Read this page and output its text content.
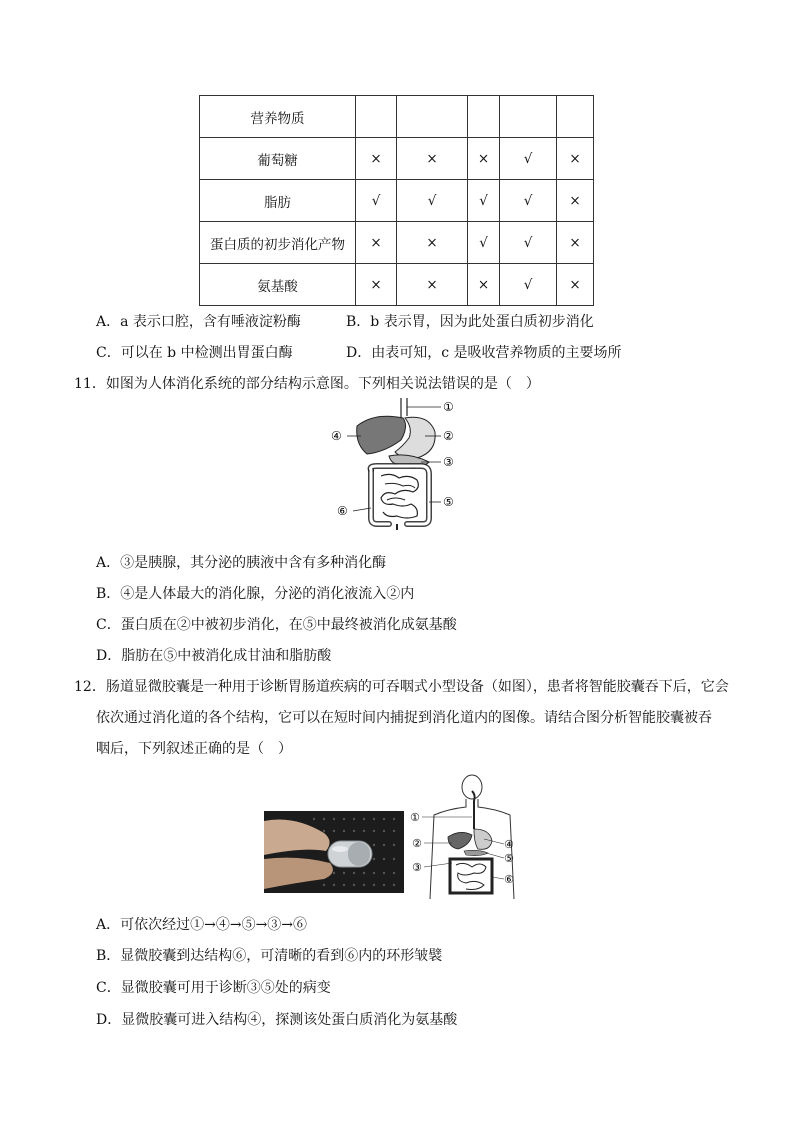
营养物质					
葡萄糖	×	×	×	√	×
脂肪	√	√	√	√	×
蛋白质的初步消化产物	×	×	√	√	×
氨基酸	×	×	×	√	×
A．a 表示口腔，含有唾液淀粉酶	B．b 表示胃，因为此处蛋白质初步消化
C．可以在 b 中检测出胃蛋白酶	D．由表可知，c 是吸收营养物质的主要场所
11．如图为人体消化系统的部分结构示意图。下列相关说法错误的是（　）
①
②
③
④
⑤
⑥
A．③是胰腺，其分泌的胰液中含有多种消化酶
B．④是人体最大的消化腺，分泌的消化液流入②内
C．蛋白质在②中被初步消化，在⑤中最终被消化成氨基酸
D．脂肪在⑤中被消化成甘油和脂肪酸
12．肠道显微胶囊是一种用于诊断胃肠道疾病的可吞咽式小型设备（如图），患者将智能胶囊吞下后，它会
依次通过消化道的各个结构，它可以在短时间内捕捉到消化道内的图像。请结合图分析智能胶囊被吞
咽后，下列叙述正确的是（　）
①
②
③
④
⑤
⑥
A．可依次经过①→④→⑤→③→⑥
B．显微胶囊到达结构⑥，可清晰的看到⑥内的环形皱襞
C．显微胶囊可用于诊断③⑤处的病变
D．显微胶囊可进入结构④，探测该处蛋白质消化为氨基酸
